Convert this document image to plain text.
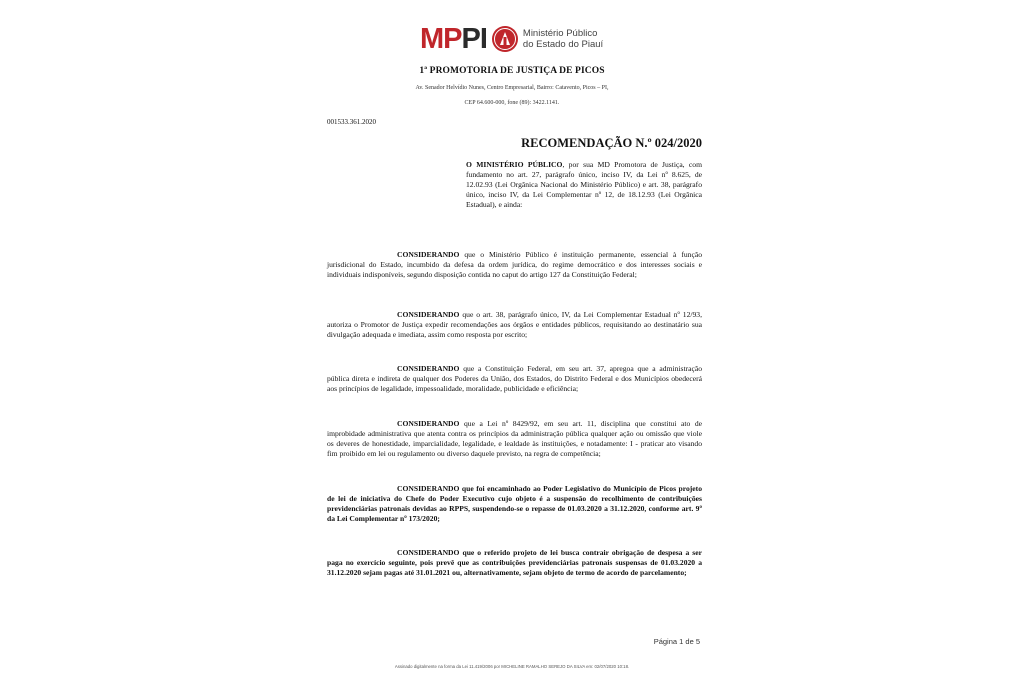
MP PI	Ministério Público
do Estado do Piauí
1ª PROMOTORIA DE JUSTIÇA DE PICOS
Av. Senador Helvídio Nunes, Centro Empresarial, Bairro: Catavento, Picos – PI,
CEP 64.600-000, fone (89): 3422.1141.
001533.361.2020
RECOMENDAÇÃO N.º 024/2020
O MINISTÉRIO PÚBLICO, por sua MD Promotora de Justiça, com fundamento no art. 27, parágrafo único, inciso IV, da Lei nº 8.625, de 12.02.93 (Lei Orgânica Nacional do Ministério Público) e art. 38, parágrafo único, inciso IV, da Lei Complementar nº 12, de 18.12.93 (Lei Orgânica Estadual), e ainda:
CONSIDERANDO que o Ministério Público é instituição permanente, essencial à função jurisdicional do Estado, incumbido da defesa da ordem jurídica, do regime democrático e dos interesses sociais e individuais indisponíveis, segundo disposição contida no caput do artigo 127 da Constituição Federal;
CONSIDERANDO que o art. 38, parágrafo único, IV, da Lei Complementar Estadual nº 12/93, autoriza o Promotor de Justiça expedir recomendações aos órgãos e entidades públicos, requisitando ao destinatário sua divulgação adequada e imediata, assim como resposta por escrito;
CONSIDERANDO que a Constituição Federal, em seu art. 37, apregoa que a administração pública direta e indireta de qualquer dos Poderes da União, dos Estados, do Distrito Federal e dos Municípios obedecerá aos princípios de legalidade, impessoalidade, moralidade, publicidade e eficiência;
CONSIDERANDO que a Lei nº 8429/92, em seu art. 11, disciplina que constitui ato de improbidade administrativa que atenta contra os princípios da administração pública qualquer ação ou omissão que viole os deveres de honestidade, imparcialidade, legalidade, e lealdade às instituições, e notadamente: I - praticar ato visando fim proibido em lei ou regulamento ou diverso daquele previsto, na regra de competência;
CONSIDERANDO que foi encaminhado ao Poder Legislativo do Município de Picos projeto de lei de iniciativa do Chefe do Poder Executivo cujo objeto é a suspensão do recolhimento de contribuições previdenciárias patronais devidas ao RPPS, suspendendo-se o repasse de 01.03.2020 a 31.12.2020, conforme art. 9º da Lei Complementar nº 173/2020;
CONSIDERANDO que o referido projeto de lei busca contrair obrigação de despesa a ser paga no exercício seguinte, pois prevê que as contribuições previdenciárias patronais suspensas de 01.03.2020 a 31.12.2020 sejam pagas até 31.01.2021 ou, alternativamente, sejam objeto de termo de acordo de parcelamento;
Página 1 de 5
Assinado digitalmente na forma da Lei 11.419/2006 por MICHELINE RAMALHO SEREJO DA SILVA em: 02/07/2020 10:18.
